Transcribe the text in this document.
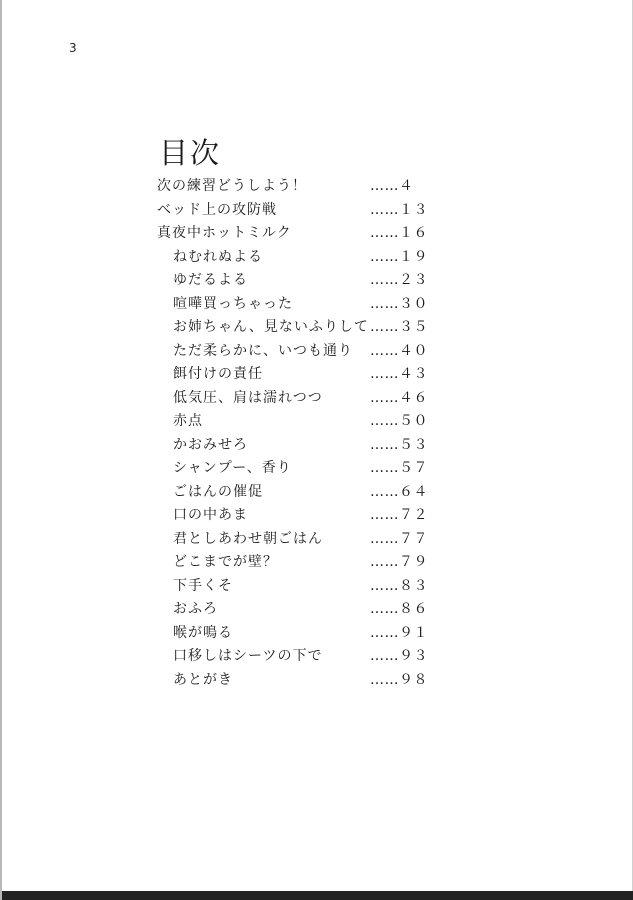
3
目次
次の練習どうしよう！	……４
ベッド上の攻防戦	……１３
真夜中ホットミルク	……１６
ねむれぬよる	……１９
ゆだるよる	……２３
喧嘩買っちゃった	……３０
お姉ちゃん、見ないふりして ……３５
ただ柔らかに、いつも通り ……４０
餌付けの責任	……４３
低気圧、肩は濡れつつ	……４６
赤点	……５０
かおみせろ	……５３
シャンプー、香り	……５７
ごはんの催促	……６４
口の中あま	……７２
君としあわせ朝ごはん	……７７
どこまでが壁？	……７９
下手くそ	……８３
おふろ	……８６
喉が鳴る	……９１
口移しはシーツの下で	……９３
あとがき	……９８
